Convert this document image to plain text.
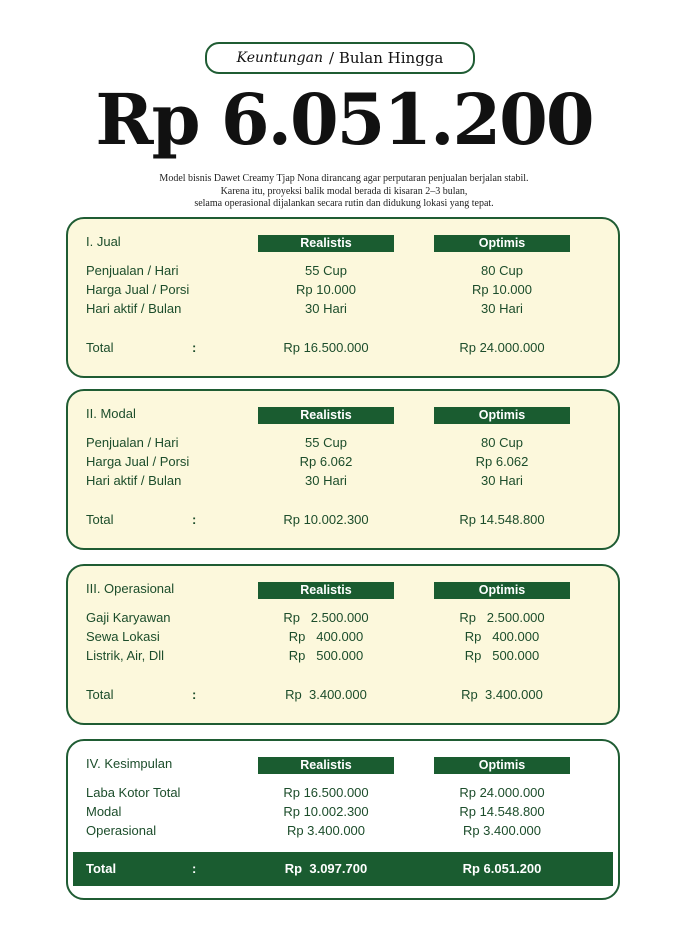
Keuntungan / Bulan Hingga
Rp 6.051.200
Model bisnis Dawet Creamy Tjap Nona dirancang agar perputaran penjualan berjalan stabil.
Karena itu, proyeksi balik modal berada di kisaran 2–3 bulan,
selama operasional dijalankan secara rutin dan didukung lokasi yang tepat.
I. Jual	Realistis	Optimis
Penjualan / Hari	55 Cup	80 Cup
Harga Jual / Porsi	Rp 10.000	Rp 10.000
Hari aktif / Bulan	30 Hari	30 Hari
Total	:	Rp 16.500.000	Rp 24.000.000
II. Modal	Realistis	Optimis
Penjualan / Hari	55 Cup	80 Cup
Harga Jual / Porsi	Rp 6.062	Rp 6.062
Hari aktif / Bulan	30 Hari	30 Hari
Total	:	Rp 10.002.300	Rp 14.548.800
III. Operasional	Realistis	Optimis
Gaji Karyawan	Rp   2.500.000	Rp   2.500.000
Sewa Lokasi	Rp   400.000	Rp   400.000
Listrik, Air, Dll	Rp   500.000	Rp   500.000
Total	:	Rp  3.400.000	Rp  3.400.000
IV. Kesimpulan	Realistis	Optimis
Laba Kotor Total	Rp 16.500.000	Rp 24.000.000
Modal	Rp 10.002.300	Rp 14.548.800
Operasional	Rp 3.400.000	Rp 3.400.000
Total	:	Rp  3.097.700	Rp 6.051.200
